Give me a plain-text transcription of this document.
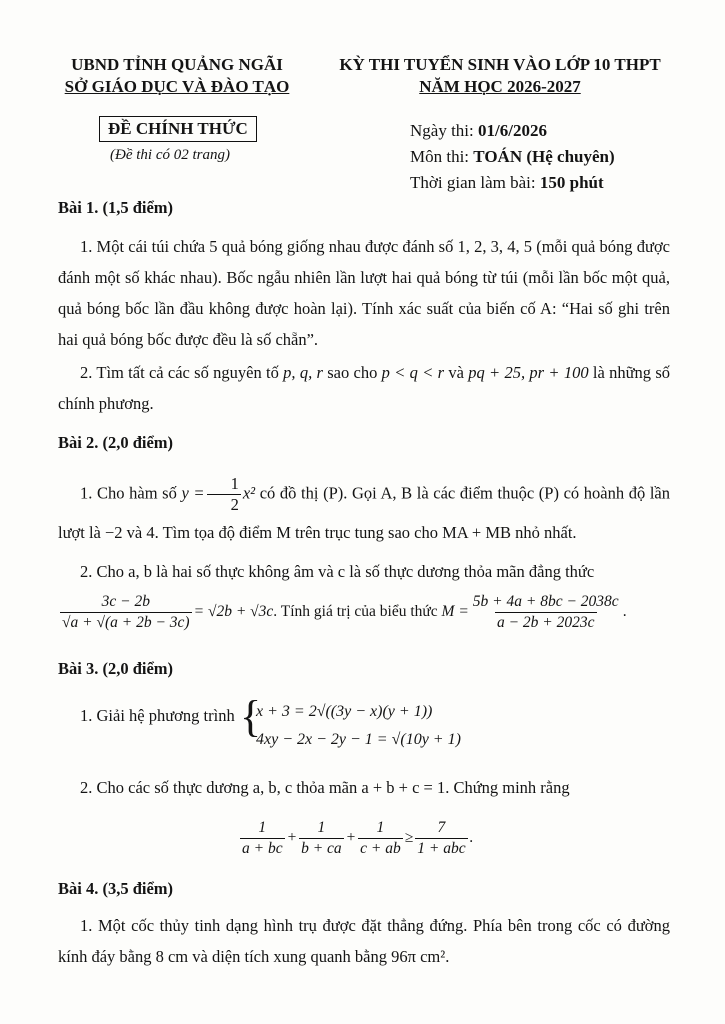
UBND TỈNH QUẢNG NGÃI
SỞ GIÁO DỤC VÀ ĐÀO TẠO
KỲ THI TUYỂN SINH VÀO LỚP 10 THPT
NĂM HỌC 2026-2027
ĐỀ CHÍNH THỨC
(Đề thi có 02 trang)
Ngày thi: 01/6/2026
Môn thi: TOÁN (Hệ chuyên)
Thời gian làm bài: 150 phút
Bài 1. (1,5 điểm)
1. Một cái túi chứa 5 quả bóng giống nhau được đánh số 1, 2, 3, 4, 5 (mỗi quả bóng được đánh một số khác nhau). Bốc ngẫu nhiên lần lượt hai quả bóng từ túi (mỗi lần bốc một quả, quả bóng bốc lần đầu không được hoàn lại). Tính xác suất của biến cố A: “Hai số ghi trên hai quả bóng bốc được đều là số chẵn”.
2. Tìm tất cả các số nguyên tố p, q, r sao cho p < q < r và pq + 25, pr + 100 là những số chính phương.
Bài 2. (2,0 điểm)
1. Cho hàm số $y = \frac{1}{2} x^2$ có đồ thị (P). Gọi A, B là các điểm thuộc (P) có hoành độ lần lượt là −2 và 4. Tìm tọa độ điểm M trên trục tung sao cho MA + MB nhỏ nhất.
2. Cho a, b là hai số thực không âm và c là số thực dương thỏa mãn đẳng thức
$\frac{3c - 2b}{√a + √(a + 2b - 3c)} = √2b + √3c$. Tính giá trị của biểu thức $M = \frac{5b + 4a + 8bc - 2038c}{a - 2b + 2023c}$ .
Bài 3. (2,0 điểm)
1. Giải hệ phương trình {
x + 3 = 2√((3y − x)(y + 1))
4xy − 2x − 2y − 1 = √(10y + 1)
2. Cho các số thực dương a, b, c thỏa mãn a + b + c = 1. Chứng minh rằng
$\frac{1}{a + bc} + \frac{1}{b + ca} + \frac{1}{c + ab} \ge \frac{7}{\text{1 + abc}}$ .
Bài 4. (3,5 điểm)
1. Một cốc thủy tinh dạng hình trụ được đặt thẳng đứng. Phía bên trong cốc có đường kính đáy bằng 8 cm và diện tích xung quanh bằng 96π cm².
